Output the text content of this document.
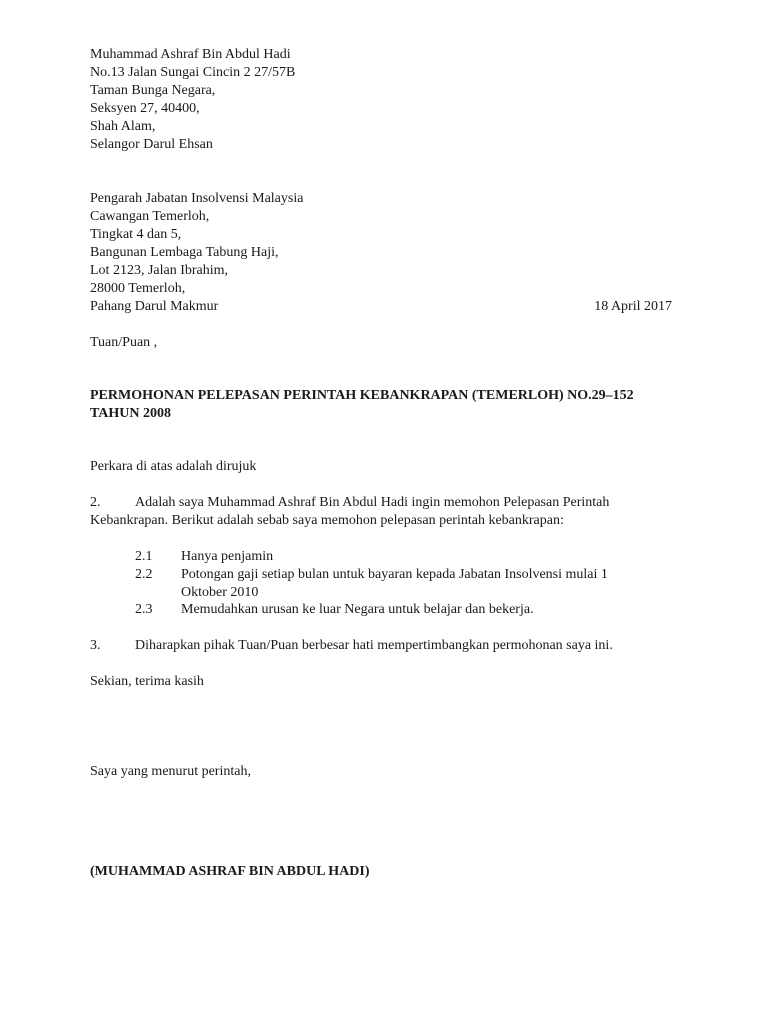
Muhammad Ashraf Bin Abdul Hadi
No.13 Jalan Sungai Cincin 2 27/57B
Taman Bunga Negara,
Seksyen 27, 40400,
Shah Alam,
Selangor Darul Ehsan
Pengarah Jabatan Insolvensi Malaysia
Cawangan Temerloh,
Tingkat 4 dan 5,
Bangunan Lembaga Tabung Haji,
Lot 2123, Jalan Ibrahim,
28000 Temerloh,
Pahang Darul Makmur	18 April 2017
Tuan/Puan ,
PERMOHONAN PELEPASAN PERINTAH KEBANKRAPAN (TEMERLOH) NO.29–152
TAHUN 2008
Perkara di atas adalah dirujuk
2. Adalah saya Muhammad Ashraf Bin Abdul Hadi ingin memohon Pelepasan Perintah
Kebankrapan. Berikut adalah sebab saya memohon pelepasan perintah kebankrapan:
2.1 Hanya penjamin
2.2 Potongan gaji setiap bulan untuk bayaran kepada Jabatan Insolvensi mulai 1
Oktober 2010
2.3 Memudahkan urusan ke luar Negara untuk belajar dan bekerja.
3. Diharapkan pihak Tuan/Puan berbesar hati mempertimbangkan permohonan saya ini.
Sekian, terima kasih
Saya yang menurut perintah,
(MUHAMMAD ASHRAF BIN ABDUL HADI)
